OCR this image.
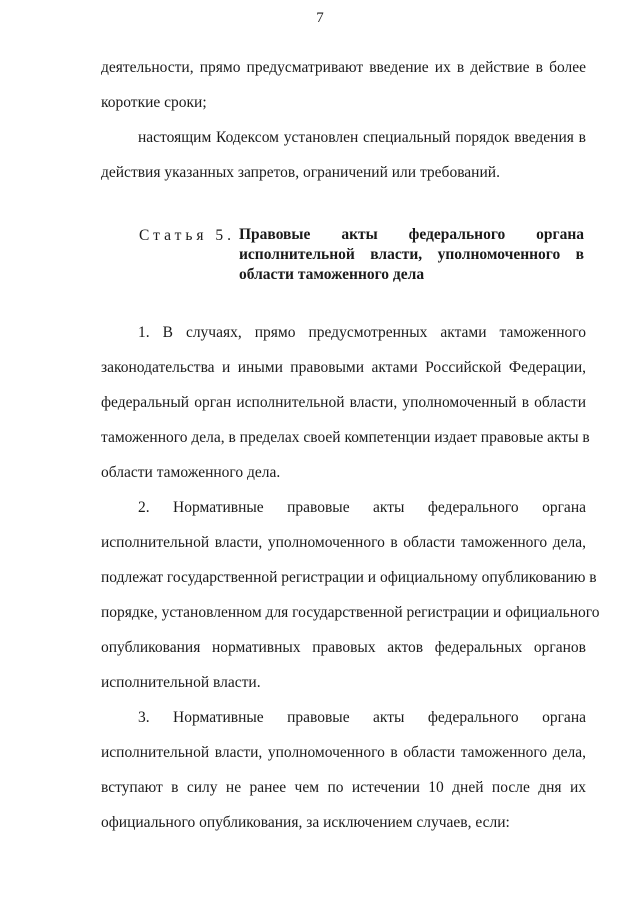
7
деятельности, прямо предусматривают введение их в действие в более
короткие сроки;
настоящим Кодексом установлен специальный порядок введения в
действия указанных запретов, ограничений или требований.
Статья 5. Правовые акты федерального органа
исполнительной власти, уполномоченного в
области таможенного дела
1. В случаях, прямо предусмотренных актами таможенного
законодательства и иными правовыми актами Российской Федерации,
федеральный орган исполнительной власти, уполномоченный в области
таможенного дела, в пределах своей компетенции издает правовые акты в
области таможенного дела.
2. Нормативные правовые акты федерального органа
исполнительной власти, уполномоченного в области таможенного дела,
подлежат государственной регистрации и официальному опубликованию в
порядке, установленном для государственной регистрации и официального
опубликования нормативных правовых актов федеральных органов
исполнительной власти.
3. Нормативные правовые акты федерального органа
исполнительной власти, уполномоченного в области таможенного дела,
вступают в силу не ранее чем по истечении 10 дней после дня их
официального опубликования, за исключением случаев, если:
